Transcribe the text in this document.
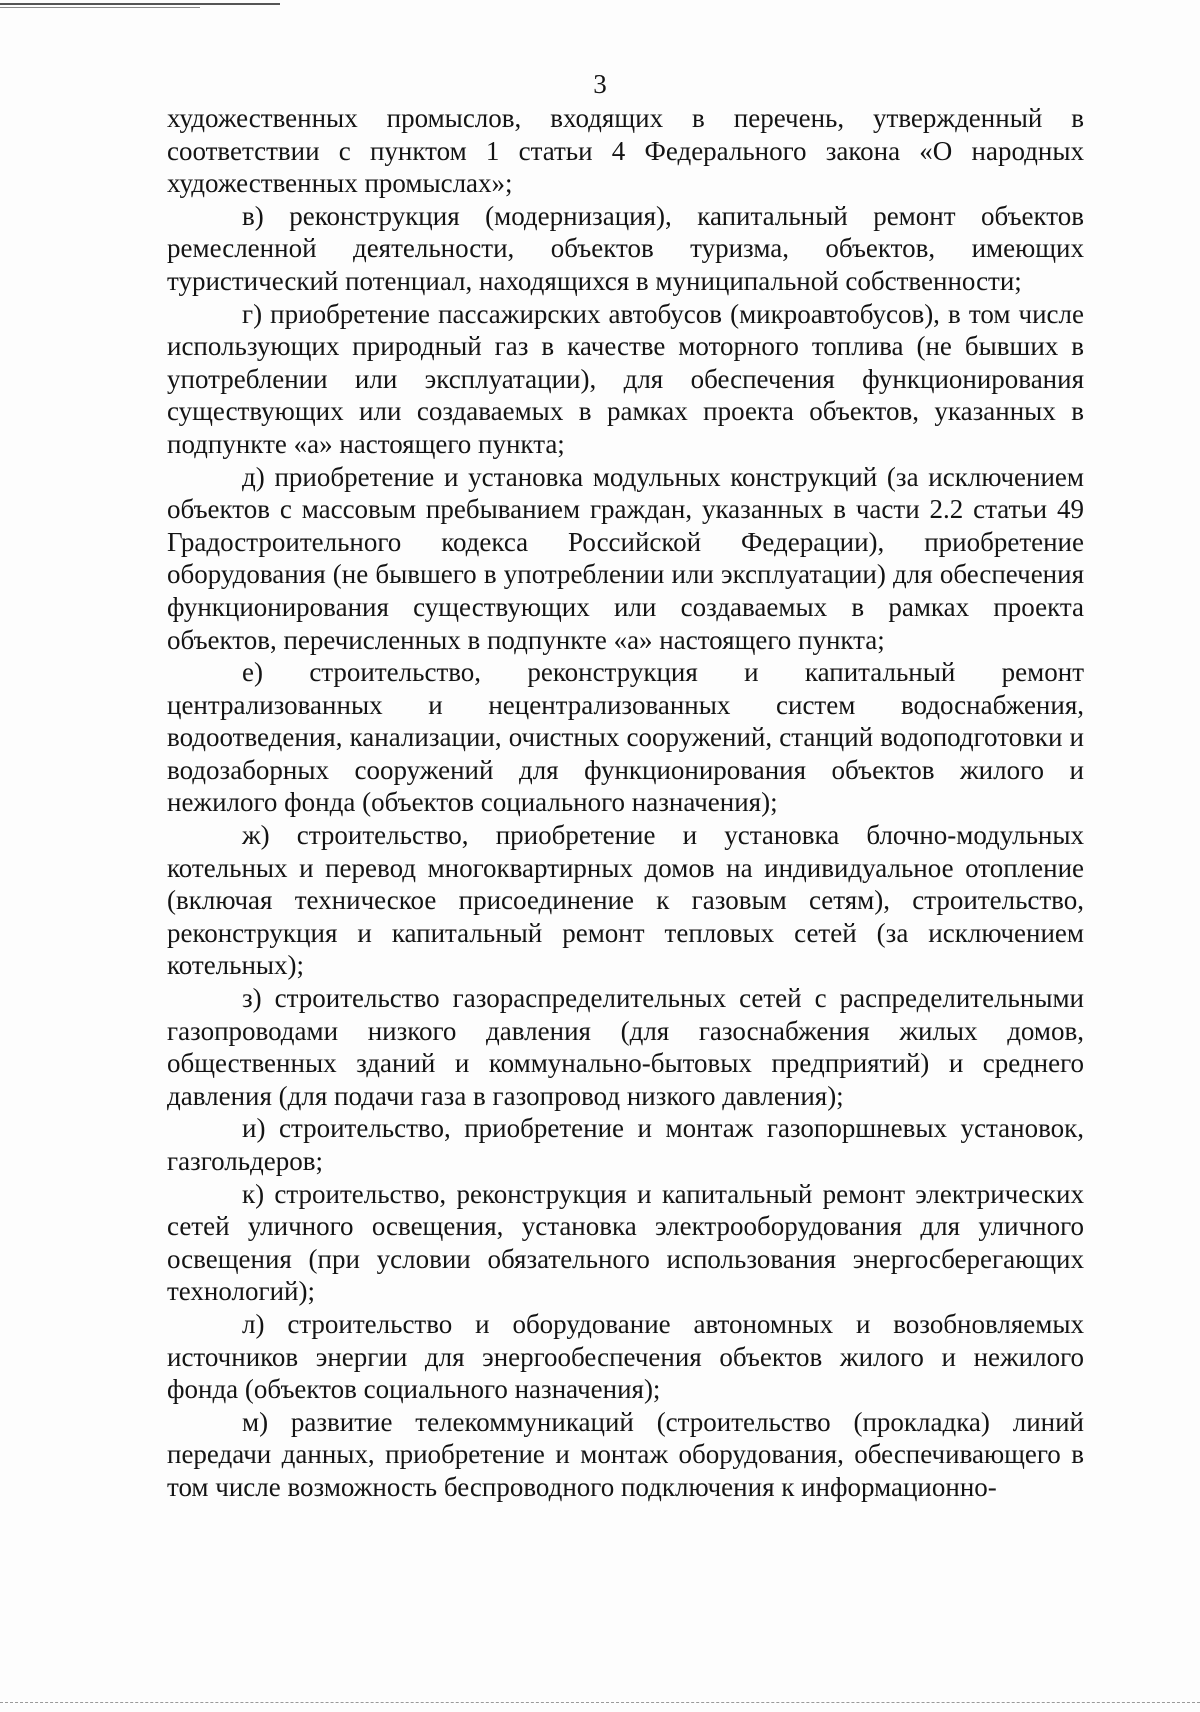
3

художественных промыслов, входящих в перечень, утвержденный в соответствии с пунктом 1 статьи 4 Федерального закона «О народных художественных промыслах»;

в) реконструкция (модернизация), капитальный ремонт объектов ремесленной деятельности, объектов туризма, объектов, имеющих туристический потенциал, находящихся в муниципальной собственности;

г) приобретение пассажирских автобусов (микроавтобусов), в том числе использующих природный газ в качестве моторного топлива (не бывших в употреблении или эксплуатации), для обеспечения функционирования существующих или создаваемых в рамках проекта объектов, указанных в подпункте «а» настоящего пункта;

д) приобретение и установка модульных конструкций (за исключением объектов с массовым пребыванием граждан, указанных в части 2.2 статьи 49 Градостроительного кодекса Российской Федерации), приобретение оборудования (не бывшего в употреблении или эксплуатации) для обеспечения функционирования существующих или создаваемых в рамках проекта объектов, перечисленных в подпункте «а» настоящего пункта;

е) строительство, реконструкция и капитальный ремонт централизованных и нецентрализованных систем водоснабжения, водоотведения, канализации, очистных сооружений, станций водоподготовки и водозаборных сооружений для функционирования объектов жилого и нежилого фонда (объектов социального назначения);

ж) строительство, приобретение и установка блочно-модульных котельных и перевод многоквартирных домов на индивидуальное отопление (включая техническое присоединение к газовым сетям), строительство, реконструкция и капитальный ремонт тепловых сетей (за исключением котельных);

з) строительство газораспределительных сетей с распределительными газопроводами низкого давления (для газоснабжения жилых домов, общественных зданий и коммунально-бытовых предприятий) и среднего давления (для подачи газа в газопровод низкого давления);

и) строительство, приобретение и монтаж газопоршневых установок, газгольдеров;

к) строительство, реконструкция и капитальный ремонт электрических сетей уличного освещения, установка электрооборудования для уличного освещения (при условии обязательного использования энергосберегающих технологий);

л) строительство и оборудование автономных и возобновляемых источников энергии для энергообеспечения объектов жилого и нежилого фонда (объектов социального назначения);

м) развитие телекоммуникаций (строительство (прокладка) линий передачи данных, приобретение и монтаж оборудования, обеспечивающего в том числе возможность беспроводного подключения к информационно-
